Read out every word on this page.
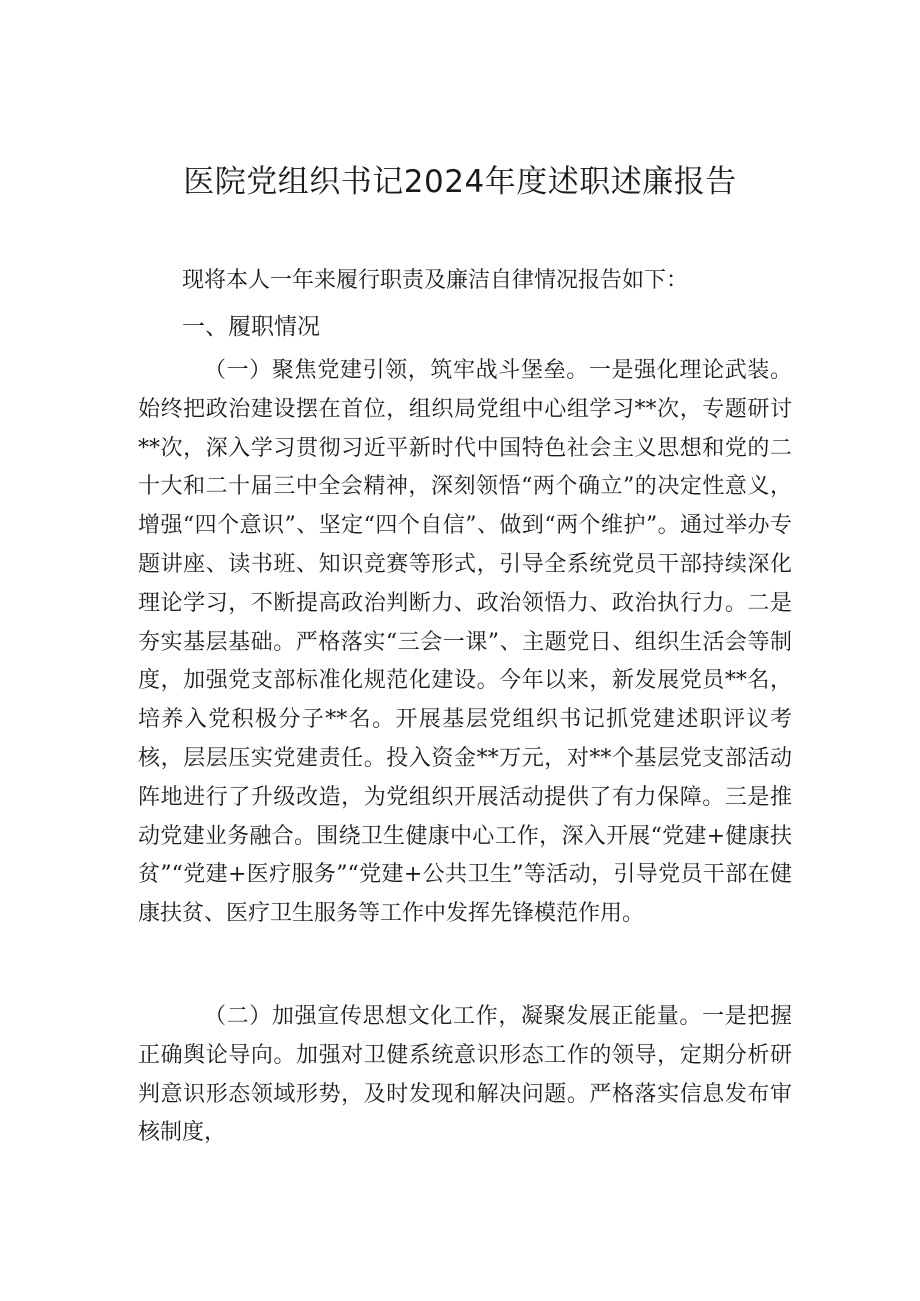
医院党组织书记2024年度述职述廉报告

现将本人一年来履行职责及廉洁自律情况报告如下：

一、履职情况

（一）聚焦党建引领，筑牢战斗堡垒。一是强化理论武装。始终把政治建设摆在首位，组织局党组中心组学习**次，专题研讨**次，深入学习贯彻习近平新时代中国特色社会主义思想和党的二十大和二十届三中全会精神，深刻领悟“两个确立”的决定性意义，增强“四个意识”、坚定“四个自信”、做到“两个维护”。通过举办专题讲座、读书班、知识竞赛等形式，引导全系统党员干部持续深化理论学习，不断提高政治判断力、政治领悟力、政治执行力。二是夯实基层基础。严格落实“三会一课”、主题党日、组织生活会等制度，加强党支部标准化规范化建设。今年以来，新发展党员**名，培养入党积极分子**名。开展基层党组织书记抓党建述职评议考核，层层压实党建责任。投入资金**万元，对**个基层党支部活动阵地进行了升级改造，为党组织开展活动提供了有力保障。三是推动党建业务融合。围绕卫生健康中心工作，深入开展“党建+健康扶贫”“党建+医疗服务”“党建+公共卫生”等活动，引导党员干部在健康扶贫、医疗卫生服务等工作中发挥先锋模范作用。

（二）加强宣传思想文化工作，凝聚发展正能量。一是把握正确舆论导向。加强对卫健系统意识形态工作的领导，定期分析研判意识形态领域形势，及时发现和解决问题。严格落实信息发布审核制度，
